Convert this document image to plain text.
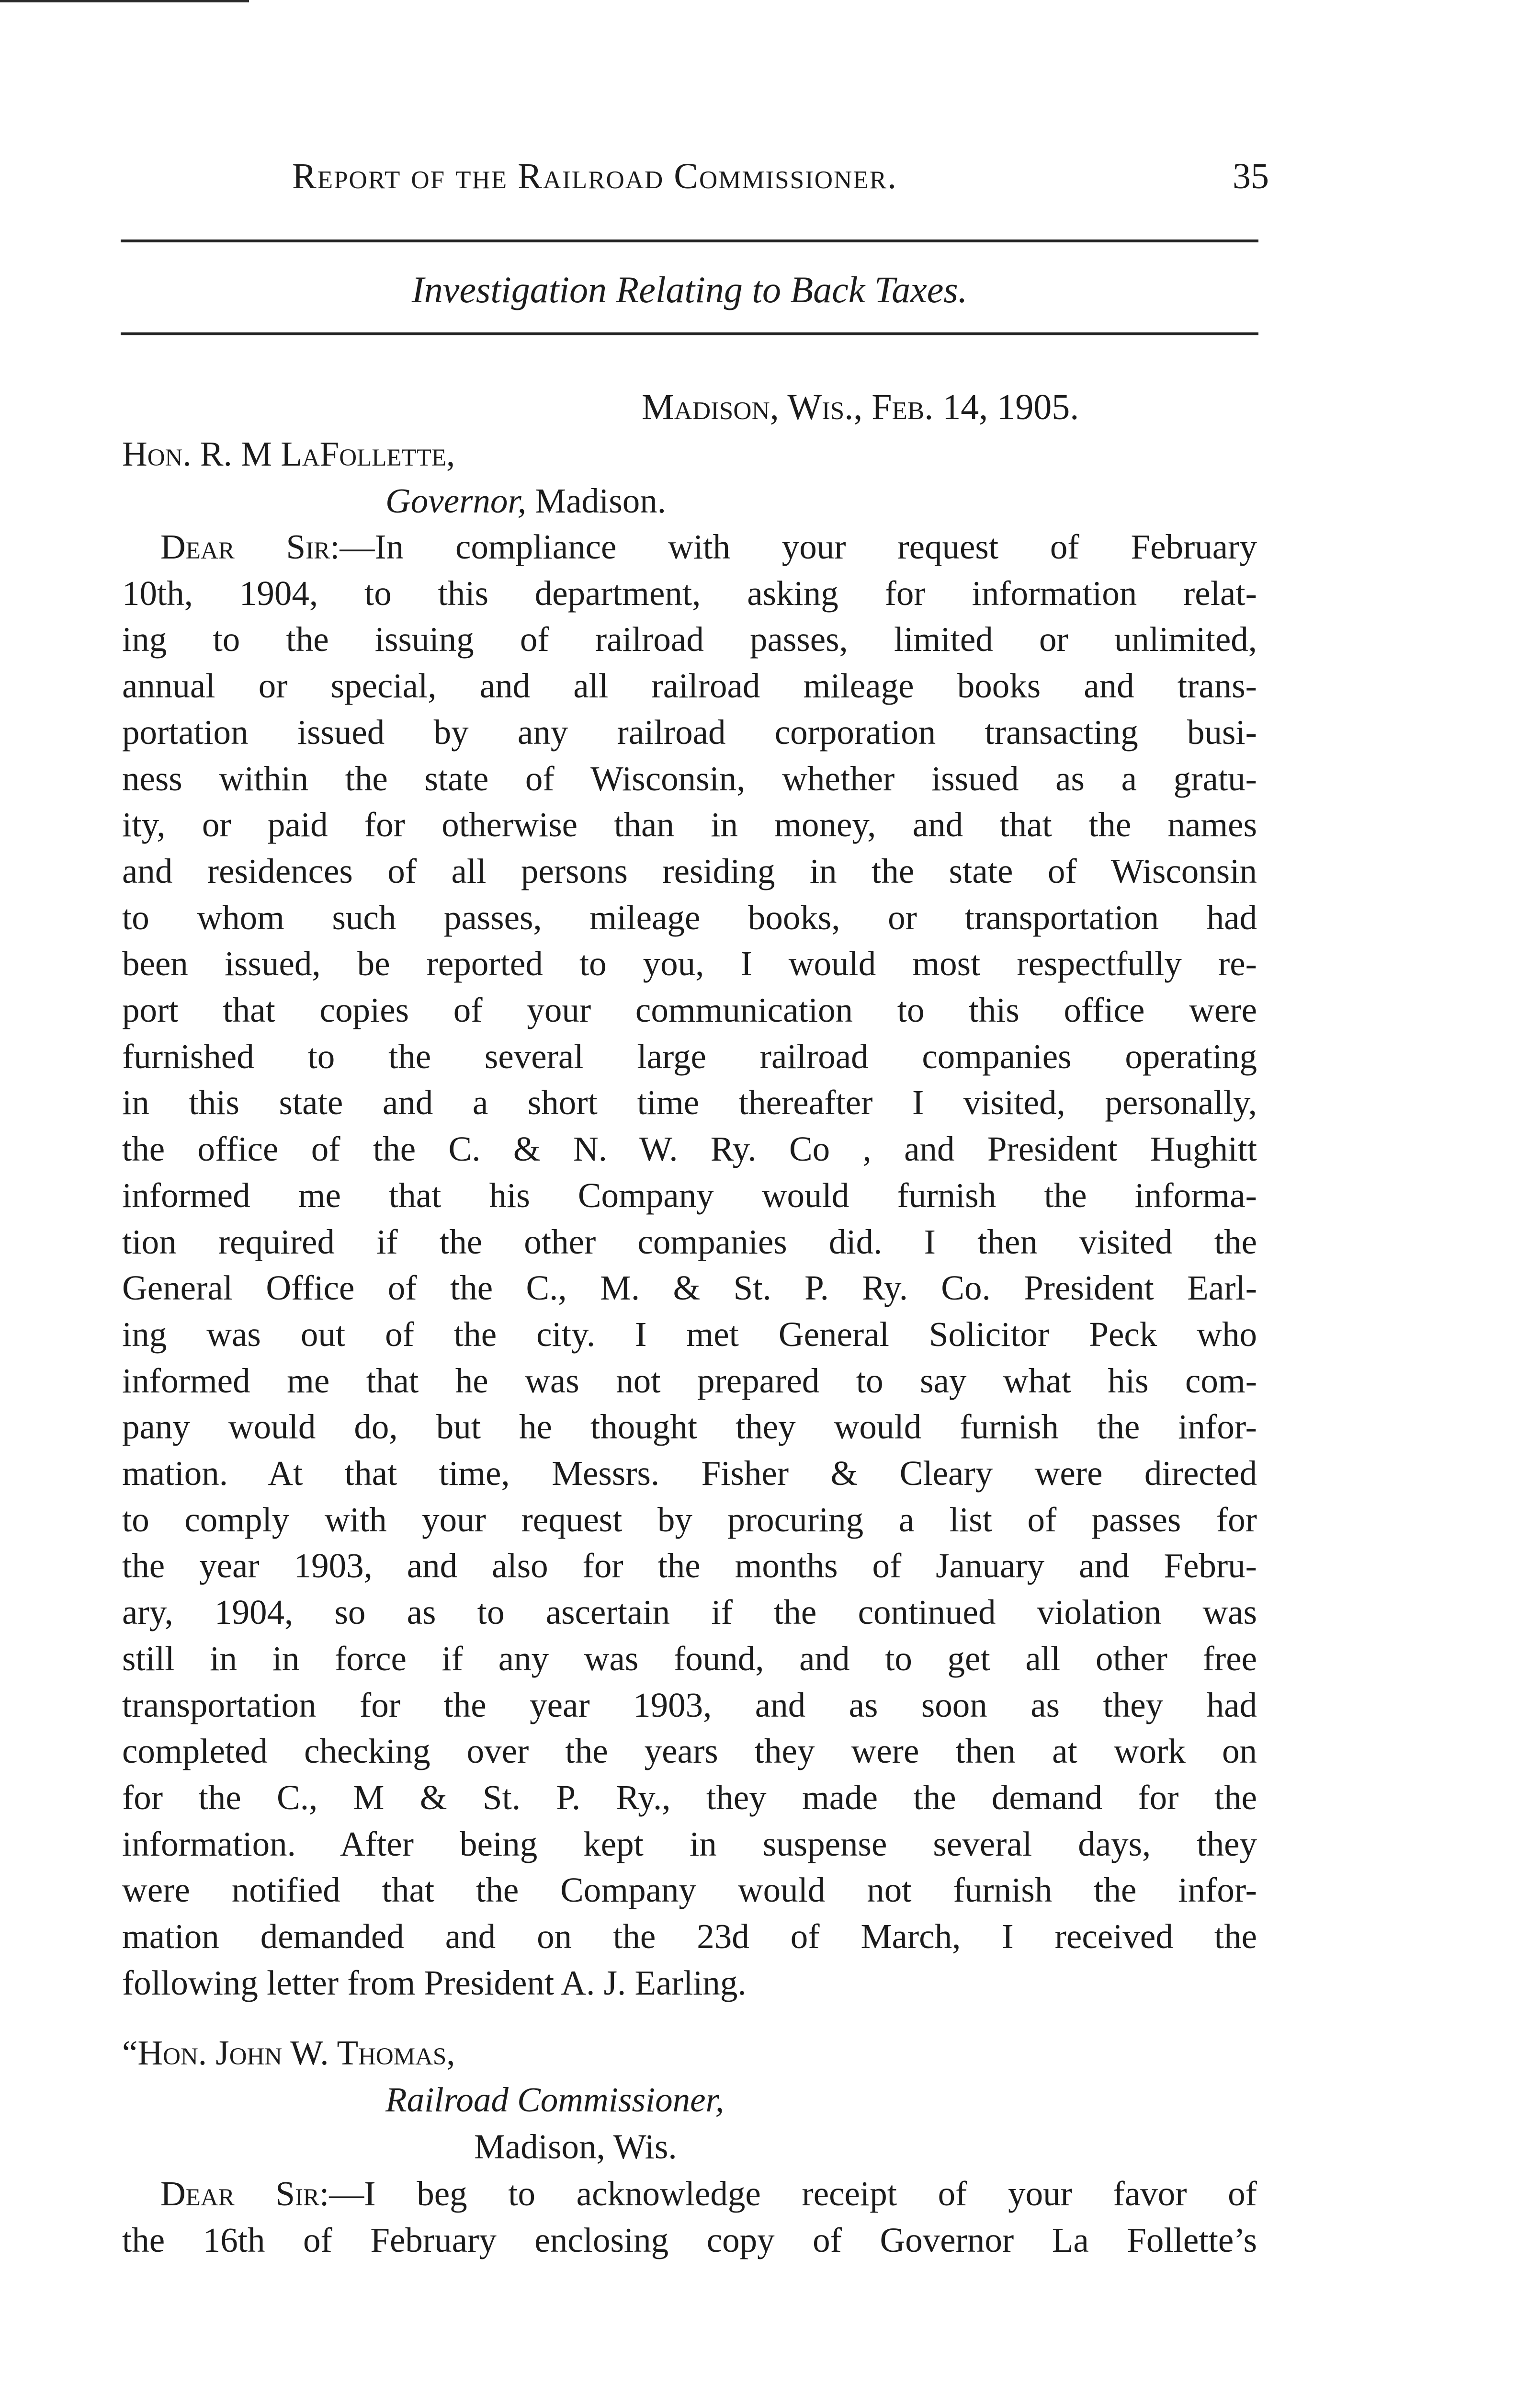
Report of the Railroad Commissioner.	35
Investigation Relating to Back Taxes.
Madison, Wis., Feb. 14, 1905.
Hon. R. M LaFollette,
Governor, Madison.
Dear Sir:—In compliance with your request of February
10th, 1904, to this department, asking for information relat-
ing to the issuing of railroad passes, limited or unlimited,
annual or special, and all railroad mileage books and trans-
portation issued by any railroad corporation transacting busi-
ness within the state of Wisconsin, whether issued as a gratu-
ity, or paid for otherwise than in money, and that the names
and residences of all persons residing in the state of Wisconsin
to whom such passes, mileage books, or transportation had
been issued, be reported to you, I would most respectfully re-
port that copies of your communication to this office were
furnished to the several large railroad companies operating
in this state and a short time thereafter I visited, personally,
the office of the C. & N. W. Ry. Co , and President Hughitt
informed me that his Company would furnish the informa-
tion required if the other companies did. I then visited the
General Office of the C., M. & St. P. Ry. Co. President Earl-
ing was out of the city. I met General Solicitor Peck who
informed me that he was not prepared to say what his com-
pany would do, but he thought they would furnish the infor-
mation. At that time, Messrs. Fisher & Cleary were directed
to comply with your request by procuring a list of passes for
the year 1903, and also for the months of January and Febru-
ary, 1904, so as to ascertain if the continued violation was
still in in force if any was found, and to get all other free
transportation for the year 1903, and as soon as they had
completed checking over the years they were then at work on
for the C., M & St. P. Ry., they made the demand for the
information. After being kept in suspense several days, they
were notified that the Company would not furnish the infor-
mation demanded and on the 23d of March, I received the
following letter from President A. J. Earling.
“Hon. John W. Thomas,
Railroad Commissioner,
Madison, Wis.
Dear Sir:—I beg to acknowledge receipt of your favor of
the 16th of February enclosing copy of Governor La Follette’s
